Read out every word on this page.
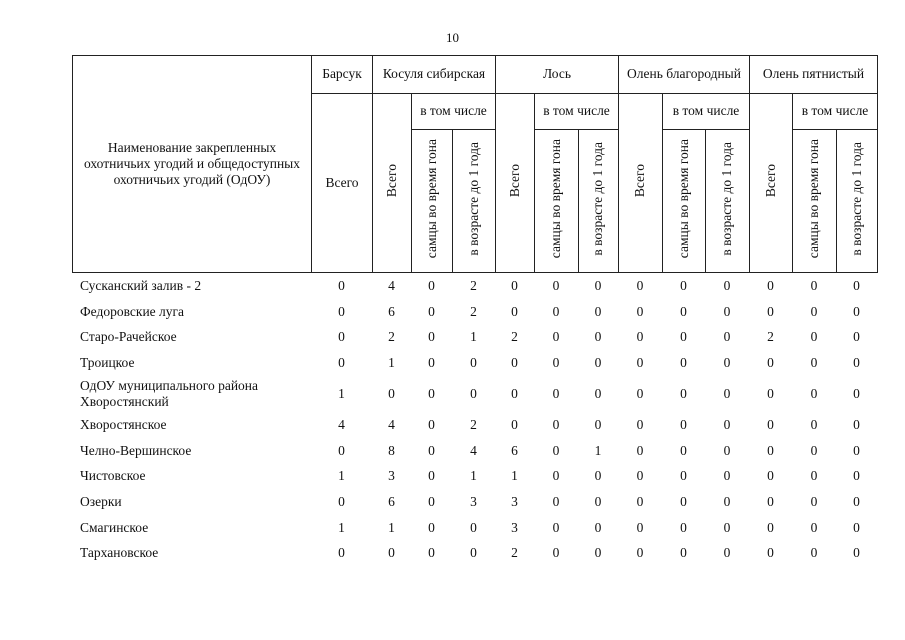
10
Наименование закрепленных охотничьих угодий и общедоступных охотничьих угодий (ОдОУ)	Барсук	Косуля сибирская			Лось			Олень благородный			Олень пятнистый		
	Всего	Всего	в том числе		Всего	в том числе		Всего	в том числе		Всего	в том числе	
			самцы во время гона	в возрасте до 1 года		самцы во время гона	в возрасте до 1 года		самцы во время гона	в возрасте до 1 года		самцы во время гона	в возрасте до 1 года
Сусканский залив - 2	0	4	0	2	0	0	0	0	0	0	0	0	0
Федоровские луга	0	6	0	2	0	0	0	0	0	0	0	0	0
Старо-Рачейское	0	2	0	1	2	0	0	0	0	0	2	0	0
Троицкое	0	1	0	0	0	0	0	0	0	0	0	0	0
ОдОУ муниципального района Хворостянский	1	0	0	0	0	0	0	0	0	0	0	0	0
Хворостянское	4	4	0	2	0	0	0	0	0	0	0	0	0
Челно-Вершинское	0	8	0	4	6	0	1	0	0	0	0	0	0
Чистовское	1	3	0	1	1	0	0	0	0	0	0	0	0
Озерки	0	6	0	3	3	0	0	0	0	0	0	0	0
Смагинское	1	1	0	0	3	0	0	0	0	0	0	0	0
Тархановское	0	0	0	0	2	0	0	0	0	0	0	0	0
